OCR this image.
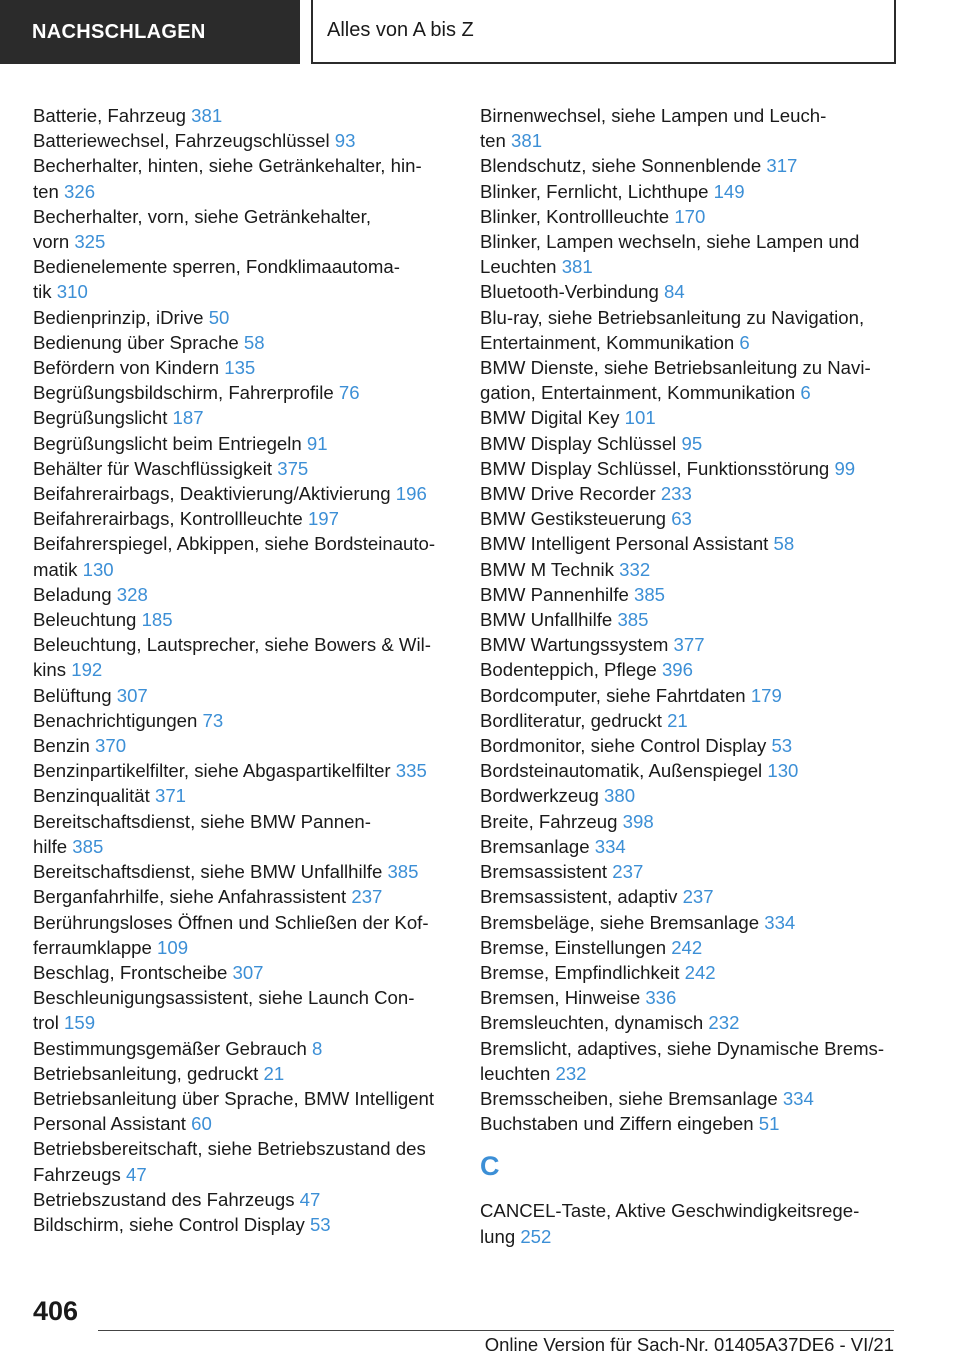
NACHSCHLAGEN	Alles von A bis Z
Batterie, Fahrzeug 381
Batteriewechsel, Fahrzeugschlüssel 93
Becherhalter, hinten, siehe Getränkehalter, hin-
ten 326
Becherhalter, vorn, siehe Getränkehalter,
vorn 325
Bedienelemente sperren, Fondklimaautoma-
tik 310
Bedienprinzip, iDrive 50
Bedienung über Sprache 58
Befördern von Kindern 135
Begrüßungsbildschirm, Fahrerprofile 76
Begrüßungslicht 187
Begrüßungslicht beim Entriegeln 91
Behälter für Waschflüssigkeit 375
Beifahrerairbags, Deaktivierung/Aktivierung 196
Beifahrerairbags, Kontrollleuchte 197
Beifahrerspiegel, Abkippen, siehe Bordsteinauto-
matik 130
Beladung 328
Beleuchtung 185
Beleuchtung, Lautsprecher, siehe Bowers & Wil-
kins 192
Belüftung 307
Benachrichtigungen 73
Benzin 370
Benzinpartikelfilter, siehe Abgaspartikelfilter 335
Benzinqualität 371
Bereitschaftsdienst, siehe BMW Pannen-
hilfe 385
Bereitschaftsdienst, siehe BMW Unfallhilfe 385
Berganfahrhilfe, siehe Anfahrassistent 237
Berührungsloses Öffnen und Schließen der Kof-
ferraumklappe 109
Beschlag, Frontscheibe 307
Beschleunigungsassistent, siehe Launch Con-
trol 159
Bestimmungsgemäßer Gebrauch 8
Betriebsanleitung, gedruckt 21
Betriebsanleitung über Sprache, BMW Intelligent
Personal Assistant 60
Betriebsbereitschaft, siehe Betriebszustand des
Fahrzeugs 47
Betriebszustand des Fahrzeugs 47
Bildschirm, siehe Control Display 53
Birnenwechsel, siehe Lampen und Leuch-
ten 381
Blendschutz, siehe Sonnenblende 317
Blinker, Fernlicht, Lichthupe 149
Blinker, Kontrollleuchte 170
Blinker, Lampen wechseln, siehe Lampen und
Leuchten 381
Bluetooth-Verbindung 84
Blu-ray, siehe Betriebsanleitung zu Navigation,
Entertainment, Kommunikation 6
BMW Dienste, siehe Betriebsanleitung zu Navi-
gation, Entertainment, Kommunikation 6
BMW Digital Key 101
BMW Display Schlüssel 95
BMW Display Schlüssel, Funktionsstörung 99
BMW Drive Recorder 233
BMW Gestiksteuerung 63
BMW Intelligent Personal Assistant 58
BMW M Technik 332
BMW Pannenhilfe 385
BMW Unfallhilfe 385
BMW Wartungssystem 377
Bodenteppich, Pflege 396
Bordcomputer, siehe Fahrtdaten 179
Bordliteratur, gedruckt 21
Bordmonitor, siehe Control Display 53
Bordsteinautomatik, Außenspiegel 130
Bordwerkzeug 380
Breite, Fahrzeug 398
Bremsanlage 334
Bremsassistent 237
Bremsassistent, adaptiv 237
Bremsbeläge, siehe Bremsanlage 334
Bremse, Einstellungen 242
Bremse, Empfindlichkeit 242
Bremsen, Hinweise 336
Bremsleuchten, dynamisch 232
Bremslicht, adaptives, siehe Dynamische Brems-
leuchten 232
Bremsscheiben, siehe Bremsanlage 334
Buchstaben und Ziffern eingeben 51
C
CANCEL-Taste, Aktive Geschwindigkeitsrege-
lung 252
406
Online Version für Sach-Nr. 01405A37DE6 - VI/21
